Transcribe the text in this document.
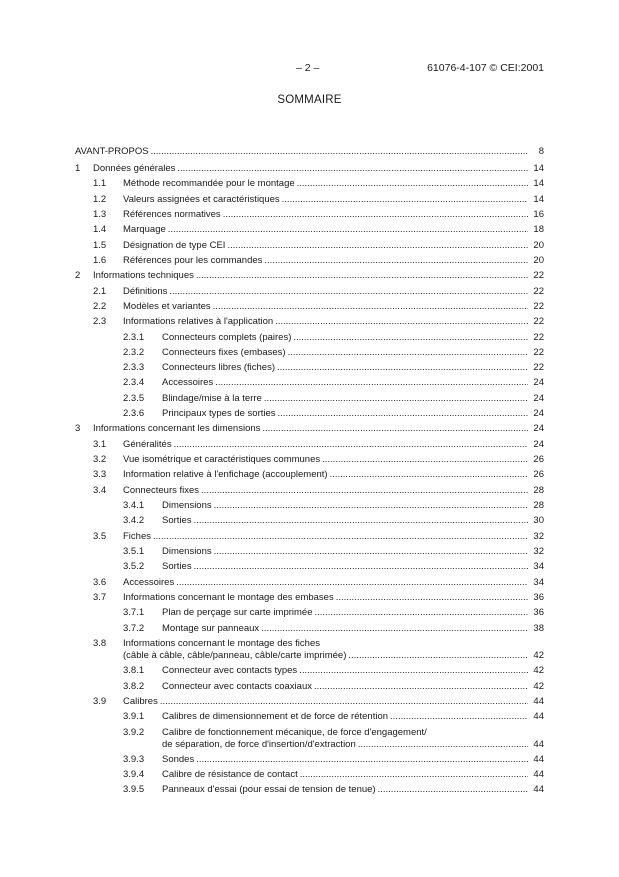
– 2 –	61076-4-107 © CEI:2001
SOMMAIRE
AVANT-PROPOS .....	8
1 Données générales .....	14
1.1 Méthode recommandée pour le montage .....	14
1.2 Valeurs assignées et caractéristiques .....	14
1.3 Références normatives .....	16
1.4 Marquage .....	18
1.5 Désignation de type CEI .....	20
1.6 Références pour les commandes .....	20
2 Informations techniques .....	22
2.1 Définitions .....	22
2.2 Modèles et variantes .....	22
2.3 Informations relatives à l'application .....	22
2.3.1 Connecteurs complets (paires) .....	22
2.3.2 Connecteurs fixes (embases) .....	22
2.3.3 Connecteurs libres (fiches) .....	22
2.3.4 Accessoires .....	24
2.3.5 Blindage/mise à la terre .....	24
2.3.6 Principaux types de sorties .....	24
3 Informations concernant les dimensions .....	24
3.1 Généralités .....	24
3.2 Vue isométrique et caractéristiques communes .....	26
3.3 Information relative à l'enfichage (accouplement) .....	26
3.4 Connecteurs fixes .....	28
3.4.1 Dimensions .....	28
3.4.2 Sorties .....	30
3.5 Fiches .....	32
3.5.1 Dimensions .....	32
3.5.2 Sorties .....	34
3.6 Accessoires .....	34
3.7 Informations concernant le montage des embases .....	36
3.7.1 Plan de perçage sur carte imprimée .....	36
3.7.2 Montage sur panneaux .....	38
3.8 Informations concernant le montage des fiches
(câble à câble, câble/panneau, câble/carte imprimée) .....	42
3.8.1 Connecteur avec contacts types .....	42
3.8.2 Connecteur avec contacts coaxiaux .....	42
3.9 Calibres .....	44
3.9.1 Calibres de dimensionnement et de force de rétention .....	44
3.9.2 Calibre de fonctionnement mécanique, de force d'engagement/
de séparation, de force d'insertion/d'extraction .....	44
3.9.3 Sondes .....	44
3.9.4 Calibre de résistance de contact .....	44
3.9.5 Panneaux d'essai (pour essai de tension de tenue) .....	44
